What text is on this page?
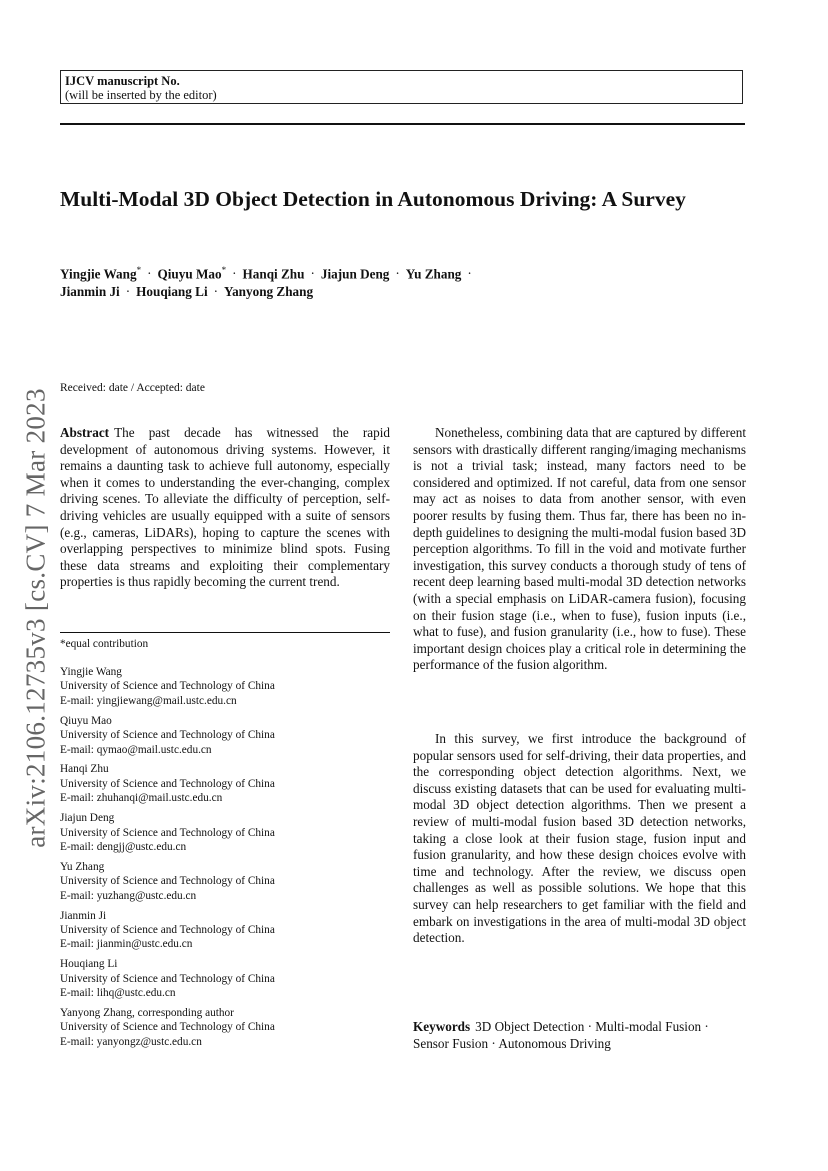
IJCV manuscript No.
(will be inserted by the editor)
arXiv:2106.12735v3 [cs.CV] 7 Mar 2023
Multi-Modal 3D Object Detection in Autonomous Driving: A Survey
Yingjie Wang* · Qiuyu Mao* · Hanqi Zhu · Jiajun Deng · Yu Zhang ·
Jianmin Ji · Houqiang Li · Yanyong Zhang
Received: date / Accepted: date
Abstract The past decade has witnessed the rapid development of autonomous driving systems. However, it remains a daunting task to achieve full autonomy, especially when it comes to understanding the ever-changing, complex driving scenes. To alleviate the difficulty of perception, self-driving vehicles are usually equipped with a suite of sensors (e.g., cameras, LiDARs), hoping to capture the scenes with overlapping perspectives to minimize blind spots. Fusing these data streams and exploiting their complementary properties is thus rapidly becoming the current trend.
*equal contribution
Yingjie Wang
University of Science and Technology of China
E-mail: yingjiewang@mail.ustc.edu.cn
Qiuyu Mao
University of Science and Technology of China
E-mail: qymao@mail.ustc.edu.cn
Hanqi Zhu
University of Science and Technology of China
E-mail: zhuhanqi@mail.ustc.edu.cn
Jiajun Deng
University of Science and Technology of China
E-mail: dengjj@ustc.edu.cn
Yu Zhang
University of Science and Technology of China
E-mail: yuzhang@ustc.edu.cn
Jianmin Ji
University of Science and Technology of China
E-mail: jianmin@ustc.edu.cn
Houqiang Li
University of Science and Technology of China
E-mail: lihq@ustc.edu.cn
Yanyong Zhang, corresponding author
University of Science and Technology of China
E-mail: yanyongz@ustc.edu.cn
Nonetheless, combining data that are captured by different sensors with drastically different ranging/imaging mechanisms is not a trivial task; instead, many factors need to be considered and optimized. If not careful, data from one sensor may act as noises to data from another sensor, with even poorer results by fusing them. Thus far, there has been no in-depth guidelines to designing the multi-modal fusion based 3D perception algorithms. To fill in the void and motivate further investigation, this survey conducts a thorough study of tens of recent deep learning based multi-modal 3D detection networks (with a special emphasis on LiDAR-camera fusion), focusing on their fusion stage (i.e., when to fuse), fusion inputs (i.e., what to fuse), and fusion granularity (i.e., how to fuse). These important design choices play a critical role in determining the performance of the fusion algorithm.
In this survey, we first introduce the background of popular sensors used for self-driving, their data properties, and the corresponding object detection algorithms. Next, we discuss existing datasets that can be used for evaluating multi-modal 3D object detection algorithms. Then we present a review of multi-modal fusion based 3D detection networks, taking a close look at their fusion stage, fusion input and fusion granularity, and how these design choices evolve with time and technology. After the review, we discuss open challenges as well as possible solutions. We hope that this survey can help researchers to get familiar with the field and embark on investigations in the area of multi-modal 3D object detection.
Keywords 3D Object Detection · Multi-modal Fusion · Sensor Fusion · Autonomous Driving
